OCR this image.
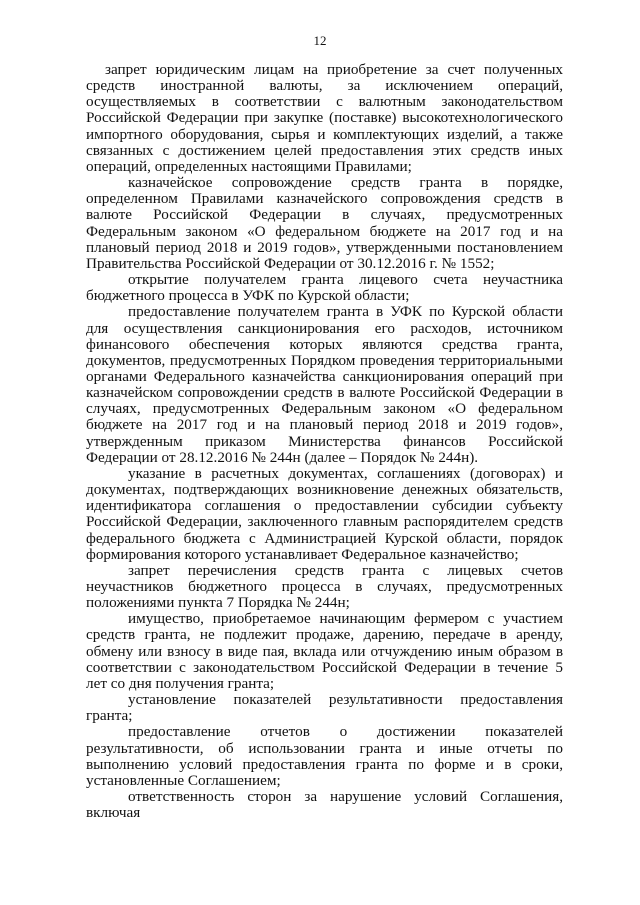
12

запрет юридическим лицам на приобретение за счет полученных средств иностранной валюты, за исключением операций, осуществляемых в соответствии с валютным законодательством Российской Федерации при закупке (поставке) высокотехнологического импортного оборудования, сырья и комплектующих изделий, а также связанных с достижением целей предоставления этих средств иных операций, определенных настоящими Правилами;

казначейское сопровождение средств гранта в порядке, определенном Правилами казначейского сопровождения средств в валюте Российской Федерации в случаях, предусмотренных Федеральным законом «О федеральном бюджете на 2017 год и на плановый период 2018 и 2019 годов», утвержденными постановлением Правительства Российской Федерации от 30.12.2016 г. № 1552;

открытие получателем гранта лицевого счета неучастника бюджетного процесса в УФК по Курской области;

предоставление получателем гранта в УФК по Курской области для осуществления санкционирования его расходов, источником финансового обеспечения которых являются средства гранта, документов, предусмотренных Порядком проведения территориальными органами Федерального казначейства санкционирования операций при казначейском сопровождении средств в валюте Российской Федерации в случаях, предусмотренных Федеральным законом «О федеральном бюджете на 2017 год и на плановый период 2018 и 2019 годов», утвержденным приказом Министерства финансов Российской Федерации от 28.12.2016 № 244н (далее – Порядок № 244н).

указание в расчетных документах, соглашениях (договорах) и документах, подтверждающих возникновение денежных обязательств, идентификатора соглашения о предоставлении субсидии субъекту Российской Федерации, заключенного главным распорядителем средств федерального бюджета с Администрацией Курской области, порядок формирования которого устанавливает Федеральное казначейство;

запрет перечисления средств гранта с лицевых счетов неучастников бюджетного процесса в случаях, предусмотренных положениями пункта 7 Порядка № 244н;

имущество, приобретаемое начинающим фермером с участием средств гранта, не подлежит продаже, дарению, передаче в аренду, обмену или взносу в виде пая, вклада или отчуждению иным образом в соответствии с законодательством Российской Федерации в течение 5 лет со дня получения гранта;

установление показателей результативности предоставления гранта;

предоставление отчетов о достижении показателей результативности, об использовании гранта и иные отчеты по выполнению условий предоставления гранта по форме и в сроки, установленные Соглашением;

ответственность сторон за нарушение условий Соглашения, включая
